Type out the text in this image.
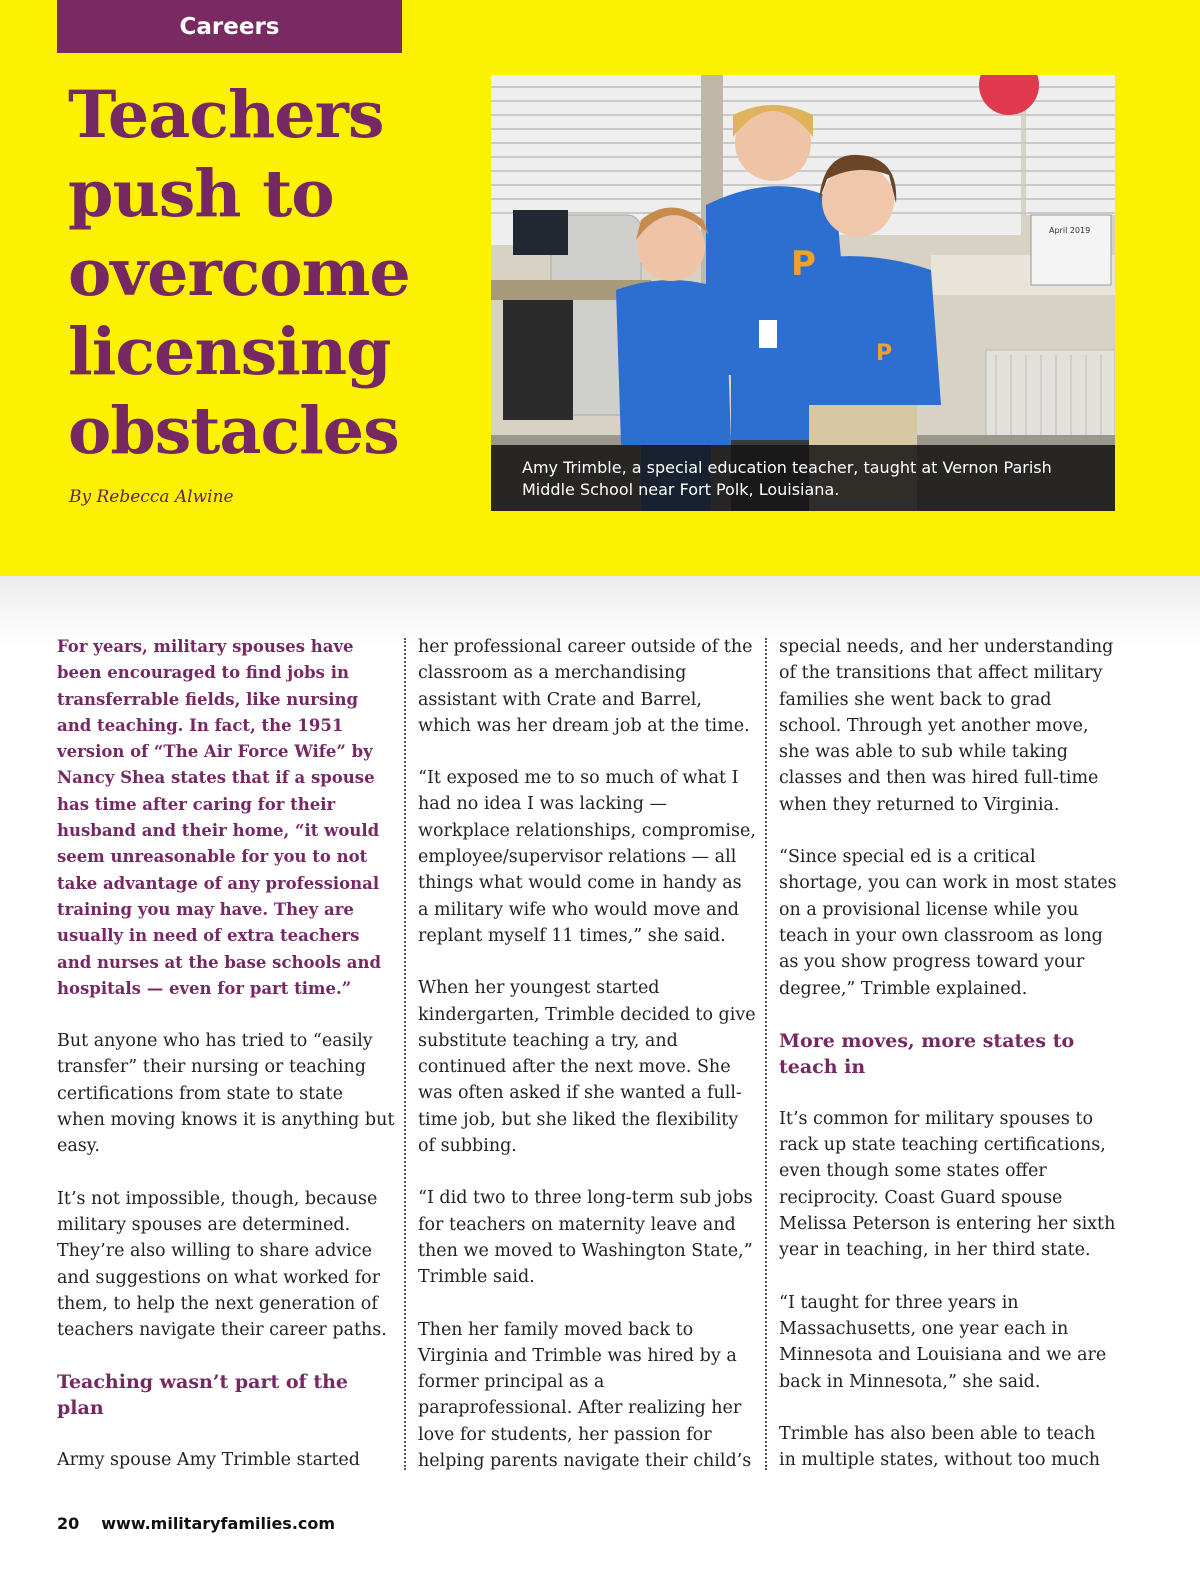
Careers
Teachers push to overcome licensing obstacles

By Rebecca Alwine

April 2019
P
P
Amy Trimble, a special education teacher, taught at Vernon Parish Middle School near Fort Polk, Louisiana.

For years, military spouses have been encouraged to find jobs in transferrable fields, like nursing and teaching. In fact, the 1951 version of “The Air Force Wife” by Nancy Shea states that if a spouse has time after caring for their husband and their home, “it would seem unreasonable for you to not take advantage of any professional training you may have. They are usually in need of extra teachers and nurses at the base schools and hospitals — even for part time.”

But anyone who has tried to “easily transfer” their nursing or teaching certifications from state to state when moving knows it is anything but easy.

It’s not impossible, though, because military spouses are determined. They’re also willing to share advice and suggestions on what worked for them, to help the next generation of teachers navigate their career paths.

Teaching wasn’t part of the plan

Army spouse Amy Trimble started

her professional career outside of the classroom as a merchandising assistant with Crate and Barrel, which was her dream job at the time.

“It exposed me to so much of what I had no idea I was lacking — workplace relationships, compromise, employee/supervisor relations — all things what would come in handy as a military wife who would move and replant myself 11 times,” she said.

When her youngest started kindergarten, Trimble decided to give substitute teaching a try, and continued after the next move. She was often asked if she wanted a full-time job, but she liked the flexibility of subbing.

“I did two to three long-term sub jobs for teachers on maternity leave and then we moved to Washington State,” Trimble said.

Then her family moved back to Virginia and Trimble was hired by a former principal as a paraprofessional. After realizing her love for students, her passion for helping parents navigate their child’s

special needs, and her understanding of the transitions that affect military families she went back to grad school. Through yet another move, she was able to sub while taking classes and then was hired full-time when they returned to Virginia.

“Since special ed is a critical shortage, you can work in most states on a provisional license while you teach in your own classroom as long as you show progress toward your degree,” Trimble explained.

More moves, more states to teach in

It’s common for military spouses to rack up state teaching certifications, even though some states offer reciprocity. Coast Guard spouse Melissa Peterson is entering her sixth year in teaching, in her third state.

“I taught for three years in Massachusetts, one year each in Minnesota and Louisiana and we are back in Minnesota,” she said.

Trimble has also been able to teach in multiple states, without too much

20 www.militaryfamilies.com
